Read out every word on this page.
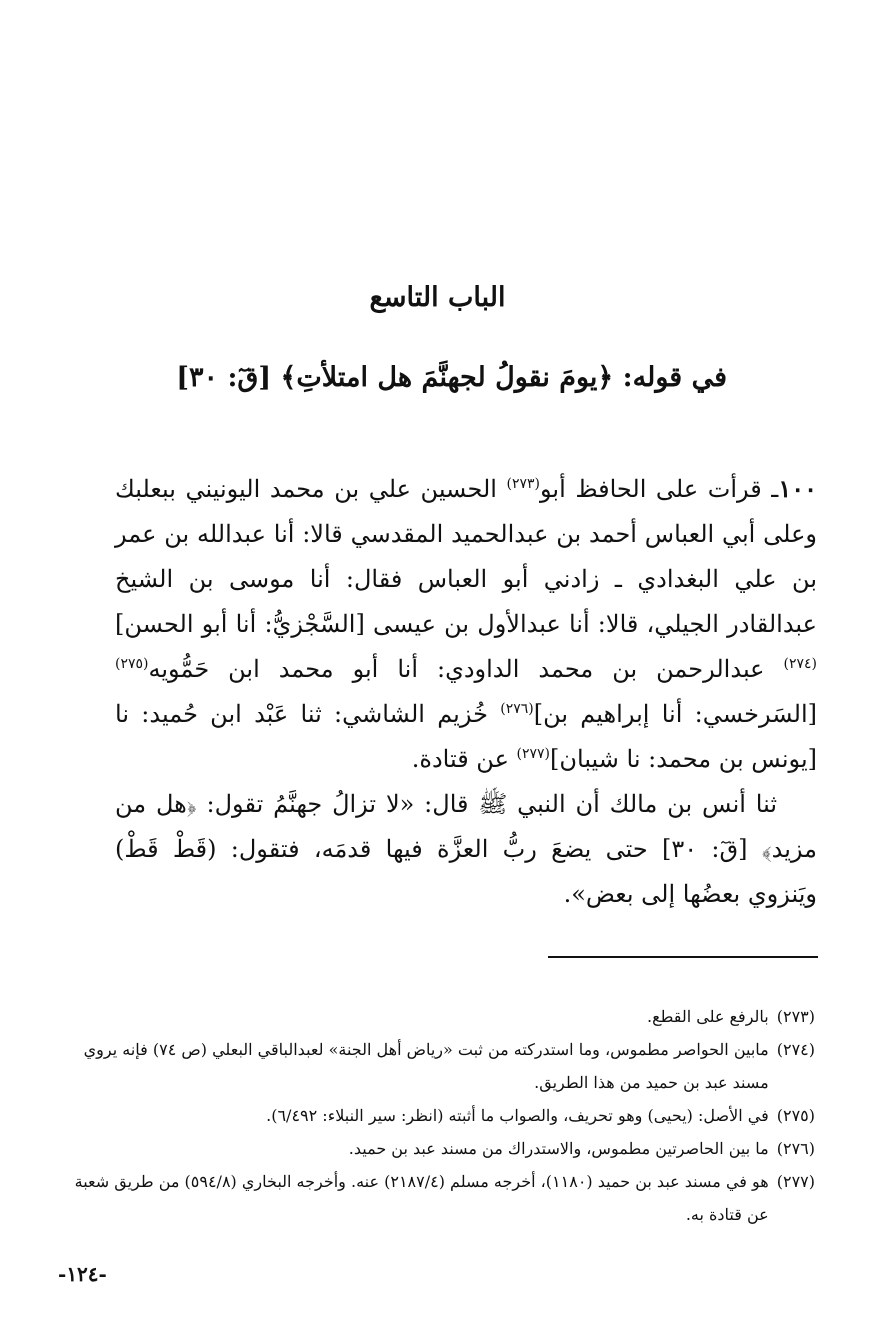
الباب التاسع
في قوله: ﴿يومَ نقولُ لجهنَّمَ هل امتلأتِ﴾ [قٓ: ٣٠]

١٠٠ـ قرأت على الحافظ أبو$^{(٢٧٣)}$ الحسين علي بن محمد اليونيني ببعلبك وعلى أبي العباس أحمد بن عبدالحميد المقدسي قالا: أنا عبدالله بن عمر بن علي البغدادي ـ زادني أبو العباس فقال: أنا موسى بن الشيخ عبدالقادر الجيلي، قالا: أنا عبدالأول بن عيسى [السَّجْزيُّ: أنا أبو الحسن]$^{(٢٧٤)}$ عبدالرحمن بن محمد الداودي: أنا أبو محمد ابن حَمُّويه$^{(٢٧٥)}$ [السَرخسي: أنا إبراهيم بن]$^{(٢٧٦)}$ خُزيم الشاشي: ثنا عَبْد ابن حُميد: نا [يونس بن محمد: نا شيبان]$^{(٢٧٧)}$ عن قتادة.

ثنا أنس بن مالك أن النبي ﷺ قال: «لا تزالُ جهنَّمُ تقول: ﴿هل من مزيد﴾ [قٓ: ٣٠] حتى يضعَ ربُّ العزَّة فيها قدمَه، فتقول: (قَطْ قَطْ) ويَنزوي بعضُها إلى بعض».

(٢٧٣)
بالرفع على القطع.
(٢٧٤)
مابين الحواصر مطموس، وما استدركته من ثبت «رياض أهل الجنة» لعبدالباقي البعلي (ص ٧٤) فإنه يروي مسند عبد بن حميد من هذا الطريق.
(٢٧٥)
في الأصل: (يحيى) وهو تحريف، والصواب ما أثبته (انظر: سير النبلاء: ٦/٤٩٢).
(٢٧٦)
ما بين الحاصرتين مطموس، والاستدراك من مسند عبد بن حميد.
(٢٧٧)
هو في مسند عبد بن حميد (١١٨٠)، أخرجه مسلم (٢١٨٧/٤) عنه. وأخرجه البخاري (٥٩٤/٨) من طريق شعبة عن قتادة به.
-١٢٤-
